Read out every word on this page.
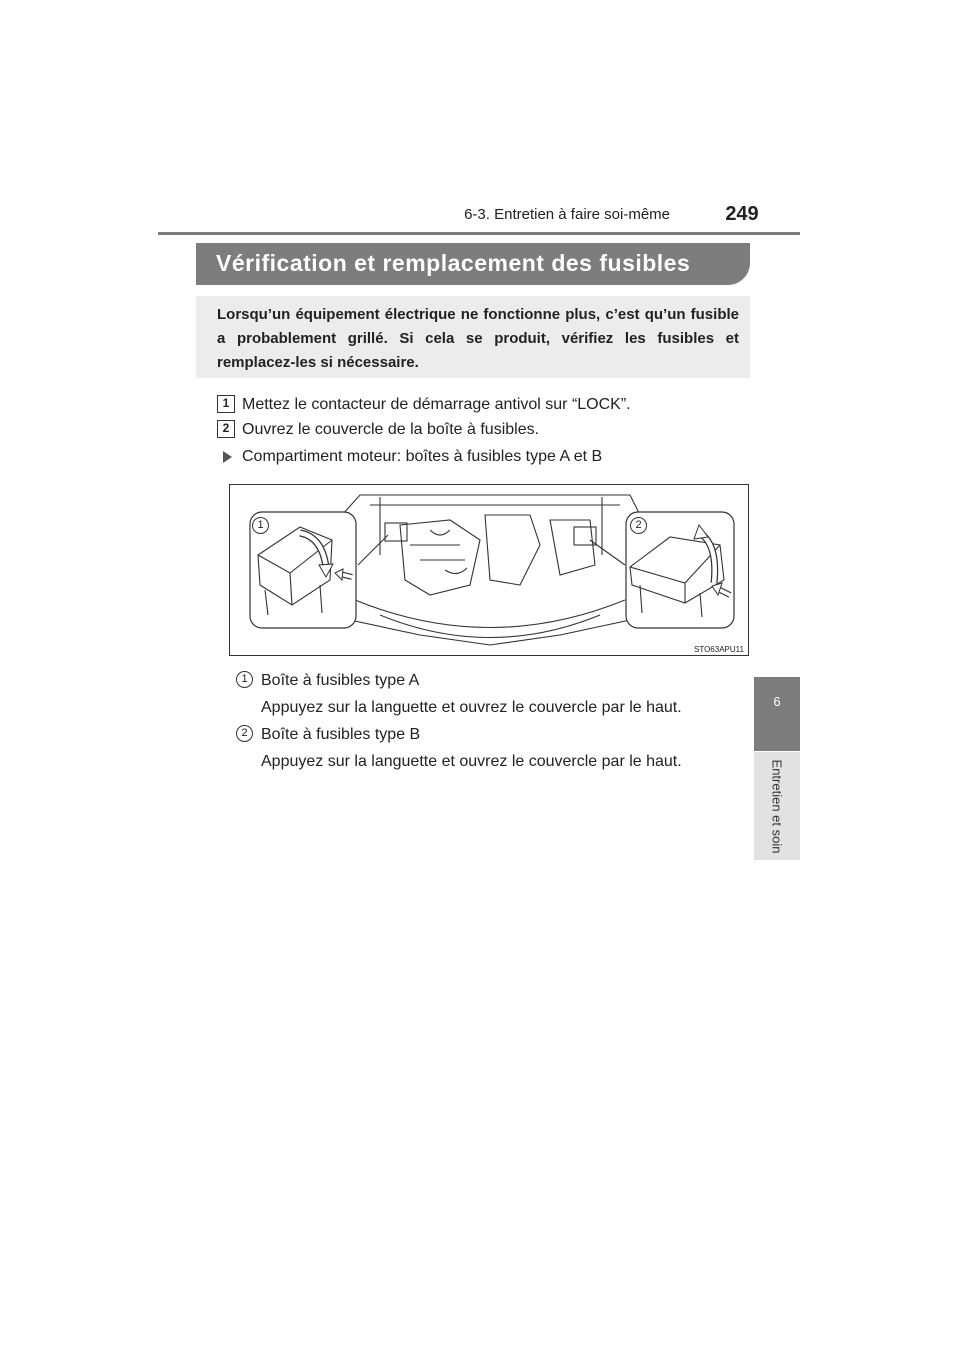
6-3. Entretien à faire soi-même	249
6
Entretien et soin
Vérification et remplacement des fusibles
Lorsqu’un équipement électrique ne fonctionne plus, c’est qu’un fusible a probablement grillé. Si cela se produit, vérifiez les fusibles et remplacez-les si nécessaire.
1 Mettez le contacteur de démarrage antivol sur “LOCK”.
2 Ouvrez le couvercle de la boîte à fusibles.
Compartiment moteur: boîtes à fusibles type A et B
1	2
STO63APU11
1 Boîte à fusibles type A
Appuyez sur la languette et ouvrez le couvercle par le haut.
2 Boîte à fusibles type B
Appuyez sur la languette et ouvrez le couvercle par le haut.
